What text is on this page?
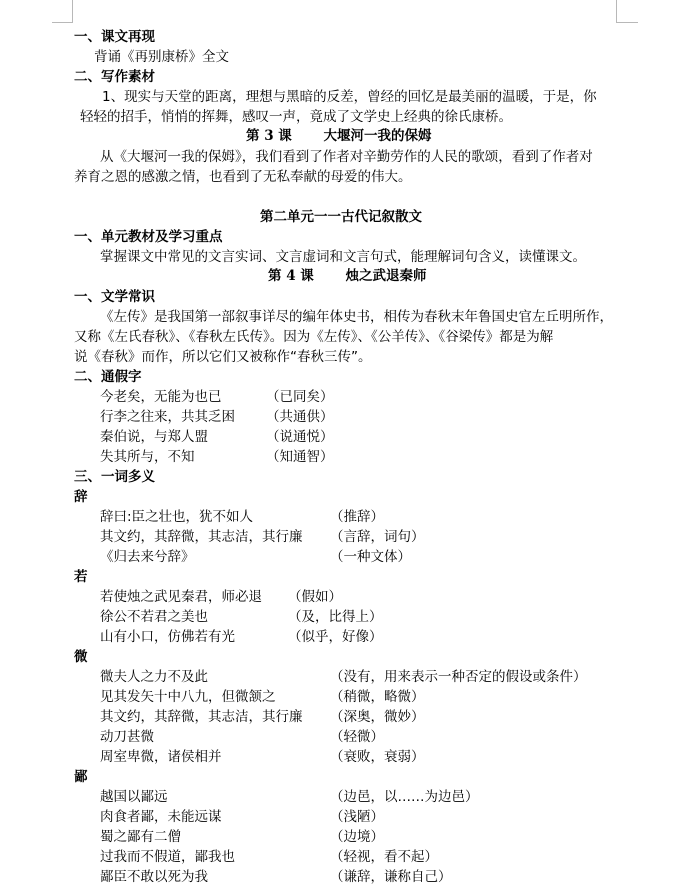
一、课文再现
背诵《再别康桥》全文
二、写作素材
1、现实与天堂的距离，理想与黑暗的反差，曾经的回忆是最美丽的温暖，于是，你
轻轻的招手，悄悄的挥舞，感叹一声，竟成了文学史上经典的徐氏康桥。
第 3 课　　 大堰河一我的保姆
从《大堰河一我的保姆》，我们看到了作者对辛勤劳作的人民的歌颂，看到了作者对
养育之恩的感激之情，也看到了无私奉献的母爱的伟大。
第二单元一一古代记叙散文
一、单元教材及学习重点
掌握课文中常见的文言实词、文言虚词和文言句式，能理解词句含义，读懂课文。
第 4 课　　 烛之武退秦师
一、文学常识
《左传》是我国第一部叙事详尽的编年体史书，相传为春秋末年鲁国史官左丘明所作，
又称《左氏春秋》、《春秋左氏传》。因为《左传》、《公羊传》、《谷梁传》都是为解
说《春秋》而作，所以它们又被称作“春秋三传”。
二、通假字
今老矣，无能为也已	（已同矣）
行李之往来，共其乏困 （共通供）
秦伯说，与郑人盟	（说通悦）
失其所与，不知	（知通智）
三、一词多义
辞
辞曰:臣之壮也，犹不如人	（推辞）
其文约，其辞微，其志洁，其行廉 （言辞，词句）
《归去来兮辞》	（一种文体）
若
若使烛之武见秦君，师必退 （假如）
徐公不若君之美也	（及，比得上）
山有小口，仿佛若有光	（似乎，好像）
微
微夫人之力不及此	（没有，用来表示一种否定的假设或条件）
见其发矢十中八九，但微颔之	（稍微，略微）
其文约，其辞微，其志洁，其行廉 （深奥，微妙）
动刀甚微	（轻微）
周室卑微，诸侯相并	（衰败，衰弱）
鄙
越国以鄙远	（边邑，以……为边邑）
肉食者鄙，未能远谋	（浅陋）
蜀之鄙有二僧	（边境）
过我而不假道，鄙我也	（轻视，看不起）
鄙臣不敢以死为我	（谦辞，谦称自己）
